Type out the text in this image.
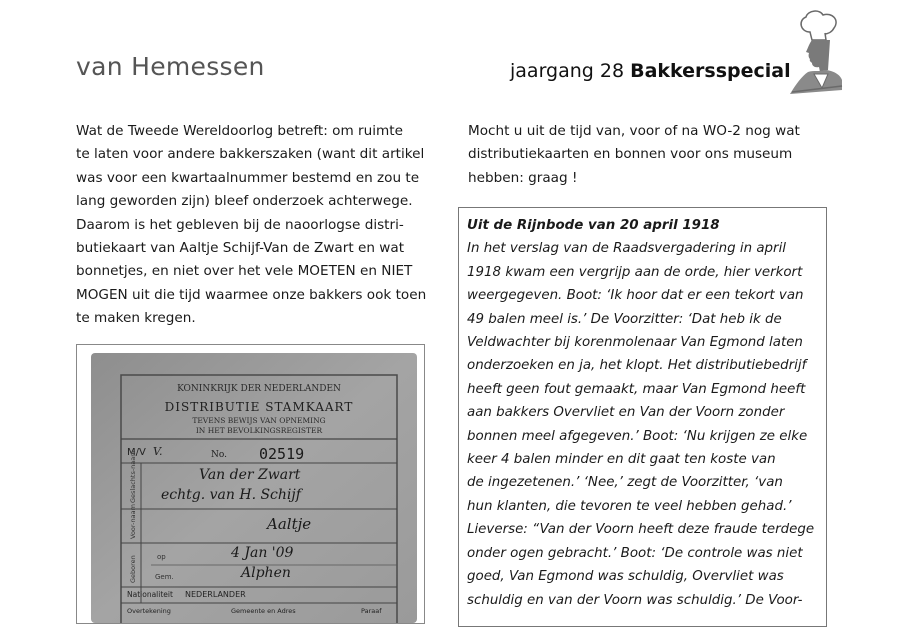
van Hemessen	jaargang 28 Bakkersspecial
Wat de Tweede Wereldoorlog betreft: om ruimte
te laten voor andere bakkerszaken (want dit artikel
was voor een kwartaalnummer bestemd en zou te
lang geworden zijn) bleef onderzoek achterwege.
Daarom is het gebleven bij de naoorlogse distri-
butiekaart van Aaltje Schijf-Van de Zwart en wat
bonnetjes, en niet over het vele MOETEN en NIET
MOGEN uit die tijd waarmee onze bakkers ook toen
te maken kregen.
Mocht u uit de tijd van, voor of na WO-2 nog wat
distributiekaarten en bonnen voor ons museum
hebben: graag !
Uit de Rijnbode van 20 april 1918
In het verslag van de Raadsvergadering in april
1918 kwam een vergrijp aan de orde, hier verkort
weergegeven. Boot: ‘Ik hoor dat er een tekort van
49 balen meel is.’ De Voorzitter: ‘Dat heb ik de
Veldwachter bij korenmolenaar Van Egmond laten
onderzoeken en ja, het klopt. Het distributiebedrijf
heeft geen fout gemaakt, maar Van Egmond heeft
aan bakkers Overvliet en Van der Voorn zonder
bonnen meel afgegeven.’ Boot: ‘Nu krijgen ze elke
keer 4 balen minder en dit gaat ten koste van
de ingezetenen.’ ‘Nee,’ zegt de Voorzitter, ‘van
hun klanten, die tevoren te veel hebben gehad.’
Lieverse: “Van der Voorn heeft deze fraude terdege
onder ogen gebracht.’ Boot: ‘De controle was niet
goed, Van Egmond was schuldig, Overvliet was
schuldig en van der Voorn was schuldig.’ De Voor-
KONINKRIJK DER NEDERLANDEN
DISTRIBUTIE STAMKAART
TEVENS BEWIJS VAN OPNEMING
IN HET BEVOLKINGSREGISTER
M/V V.	No. 02519
Geslachts-naam	Van der Zwart
echtg. van H. Schijf
Voor-naam	Aaltje
Geboren	op	4 Jan '09
Gem.	Alphen
Nationaliteit NEDERLANDER
Overtekening	Gemeente en Adres	Paraaf
